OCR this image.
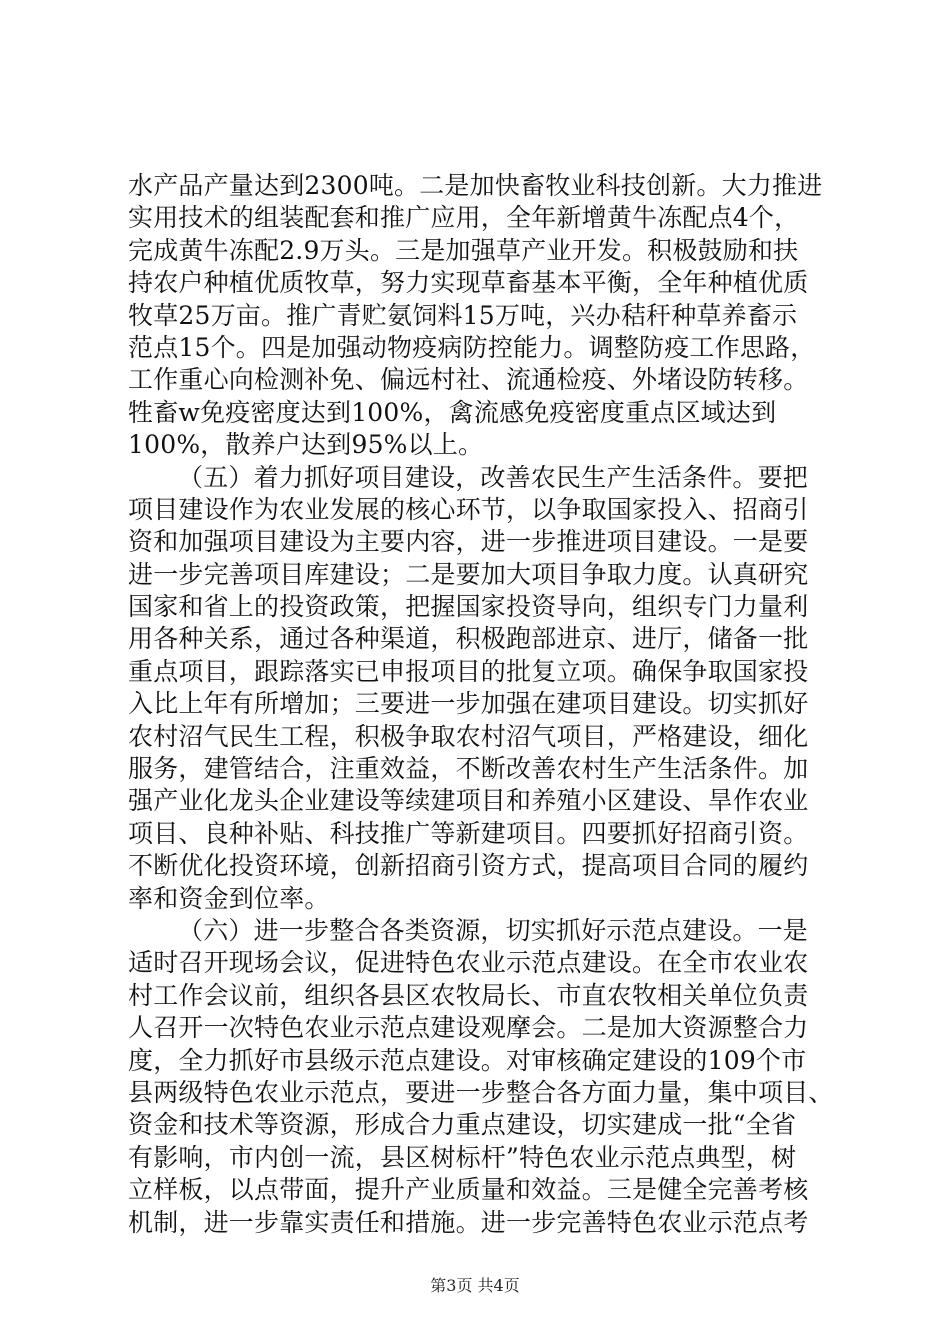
水产品产量达到2300吨。二是加快畜牧业科技创新。大力推进
实用技术的组装配套和推广应用，全年新增黄牛冻配点4个，
完成黄牛冻配2.9万头。三是加强草产业开发。积极鼓励和扶
持农户种植优质牧草，努力实现草畜基本平衡，全年种植优质
牧草25万亩。推广青贮氨饲料15万吨，兴办秸秆种草养畜示
范点15个。四是加强动物疫病防控能力。调整防疫工作思路，
工作重心向检测补免、偏远村社、流通检疫、外堵设防转移。
牲畜w免疫密度达到100%，禽流感免疫密度重点区域达到
100%，散养户达到95%以上。
（五）着力抓好项目建设，改善农民生产生活条件。要把
项目建设作为农业发展的核心环节，以争取国家投入、招商引
资和加强项目建设为主要内容，进一步推进项目建设。一是要
进一步完善项目库建设；二是要加大项目争取力度。认真研究
国家和省上的投资政策，把握国家投资导向，组织专门力量利
用各种关系，通过各种渠道，积极跑部进京、进厅，储备一批
重点项目，跟踪落实已申报项目的批复立项。确保争取国家投
入比上年有所增加；三要进一步加强在建项目建设。切实抓好
农村沼气民生工程，积极争取农村沼气项目，严格建设，细化
服务，建管结合，注重效益，不断改善农村生产生活条件。加
强产业化龙头企业建设等续建项目和养殖小区建设、旱作农业
项目、良种补贴、科技推广等新建项目。四要抓好招商引资。
不断优化投资环境，创新招商引资方式，提高项目合同的履约
率和资金到位率。
（六）进一步整合各类资源，切实抓好示范点建设。一是
适时召开现场会议，促进特色农业示范点建设。在全市农业农
村工作会议前，组织各县区农牧局长、市直农牧相关单位负责
人召开一次特色农业示范点建设观摩会。二是加大资源整合力
度，全力抓好市县级示范点建设。对审核确定建设的109个市
县两级特色农业示范点，要进一步整合各方面力量，集中项目、
资金和技术等资源，形成合力重点建设，切实建成一批“全省
有影响，市内创一流，县区树标杆”特色农业示范点典型，树
立样板，以点带面，提升产业质量和效益。三是健全完善考核
机制，进一步靠实责任和措施。进一步完善特色农业示范点考
第3页 共4页
